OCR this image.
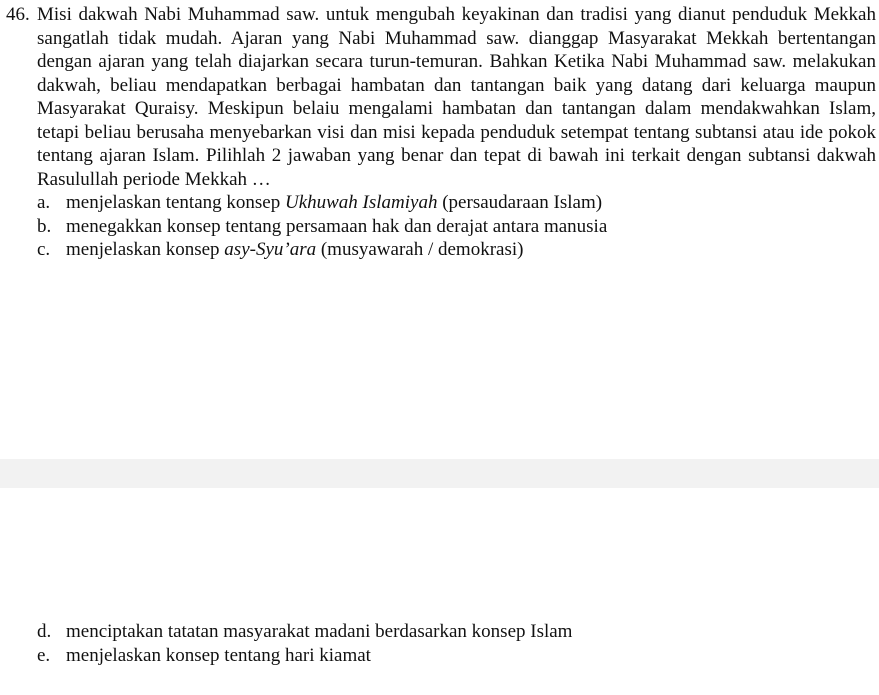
46. Misi dakwah Nabi Muhammad saw. untuk mengubah keyakinan dan tradisi yang dianut penduduk Mekkah sangatlah tidak mudah. Ajaran yang Nabi Muhammad saw. dianggap Masyarakat Mekkah bertentangan dengan ajaran yang telah diajarkan secara turun-temuran. Bahkan Ketika Nabi Muhammad saw. melakukan dakwah, beliau mendapatkan berbagai hambatan dan tantangan baik yang datang dari keluarga maupun Masyarakat Quraisy. Meskipun belaiu mengalami hambatan dan tantangan dalam mendakwahkan Islam, tetapi beliau berusaha menyebarkan visi dan misi kepada penduduk setempat tentang subtansi atau ide pokok tentang ajaran Islam. Pilihlah 2 jawaban yang benar dan tepat di bawah ini terkait dengan subtansi dakwah Rasulullah periode Mekkah …
a. menjelaskan tentang konsep Ukhuwah Islamiyah (persaudaraan Islam)
b. menegakkan konsep tentang persamaan hak dan derajat antara manusia
c. menjelaskan konsep asy-Syu’ara (musyawarah / demokrasi)
d. menciptakan tatatan masyarakat madani berdasarkan konsep Islam
e. menjelaskan konsep tentang hari kiamat
